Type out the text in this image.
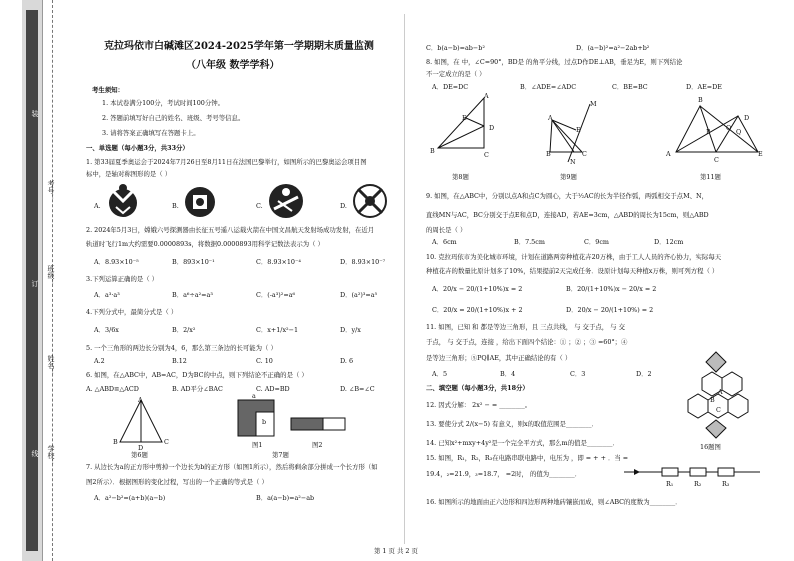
考号：
班级：
姓名：
学校：
装
订
线
克拉玛依市白碱滩区2024-2025学年第一学期期末质量监测
（八年级 数学学科）
考生须知：
1. 本试卷满分100分，考试时间100分钟。
2. 答题前填写好自己的姓名、班级、考号等信息。
3. 请将答案正确填写在答题卡上。
一、单选题（每小题3分，共33分）
1. 第33届夏季奥运会于2024年7月26日至8月11日在法国巴黎举行，如图所示的巴黎奥运会项目图
标中，是轴对称图形的是（ ）
A.	B.	C.	D.
2. 2024年5月3日，嫦娥六号探测器由长征五号遥八运载火箭在中国文昌航天发射场成功发射，在近月
轨道时飞行1m大约需要0.0000893s，将数据0.0000893用科学记数法表示为（ ）
A．8.93×10⁻⁵	B．893×10⁻¹	C．8.93×10⁻⁴	D．8.93×10⁻⁷
3.下列运算正确的是（ ）
A．a³·a³	B．a⁶÷a²=a³	C．(-a³)²=a⁶	D．(a²)³=a⁵
4.下列分式中，最简分式是（ ）
A．3/6x	B．2/x²	C．x+1/x²−1	D．y/x
5. 一个三角形的两边长分别为4，6，那么第三条边的长可能为（ ）
A.2	B.12	C. 10	D. 6
6. 如图，在△ABC中，AB=AC，D为BC的中点，则下列结论不正确的是（ ）
A. △ABD≌△ACD	B. AD平分∠BAC	C. AD=BD	D. ∠B=∠C
A
B
D
C
第6题
a
b
图1
第7题
图2
7. 从边长为a的正方形中剪掉一个边长为b的正方形（如图1所示），然后将剩余部分拼成一个长方形（如
图2所示）．根据图形的变化过程，写出的一个正确的等式是（ ）
A．a²−b²=(a+b)(a−b)	B．a(a−b)=a²−ab
C．b(a−b)=ab−b²	D．(a−b)²=a²−2ab+b²
8. 如图，在 中，∠C=90°，BD是 的角平分线，过点D作DE⊥AB，垂足为E，则下列结论
不一定成立的是（ ）
A．DE=DC	B．∠ADE=∠ADC	C．BE=BC	D．AE=DE
A
E
D
B	C
第8题
M
A
E
B	C
N
第9题
B
D
O
P	Q
A
C
E
第11题
9. 如图，在△ABC中，分别以点A和点C为圆心，大于½AC的长为半径作弧，两弧相交于点M、N，
直线MN与AC，BC分别交于点E和点D，连接AD，若AE=3cm，△ABD的周长为15cm，则△ABD
的周长是（ ）
A．6cm	B．7.5cm	C．9cm	D．12cm
10. 克拉玛依市为美化城市环境，计划在道路两旁种植花卉20万株，由于工人人员的齐心协力，实际每天
种植花卉的数量比原计划多了10%，结果提前2天完成任务．设原计划每天种植x万株，则可列方程（ ）
A．20/x − 20/(1+10%)x = 2	B．20/(1+10%)x − 20/x = 2
C．20/x = 20/(1+10%)x + 2	D．20/x − 20/(1+10%) = 2
11. 如图，已知 和 都是等边三角形，且 三点共线， 与 交于点， 与 交
于点， 与 交于点，连接 ，给出下面四个结论：① ；② ；③ =60°；④
是等边三角形；⑤PQ∥AE，其中正确结论的有（ ）
A．5	B．4	C．3	D．2
二、填空题（每小题3分，共18分）
12. 因式分解： 2x² − = ________。
13. 要使分式 2/(x−5) 有意义，则x的取值范围是________．
14. 已知x²+mxy+4y²是一个完全平方式，那么m的值是________．
15. 如图，R₁，R₂，R₃在电路串联电路中，电压为 ，即 = + + ．当 =
19.4，₂=21.9，₃=18.7， =2时， 的值为________．
16. 如图所示的地面由正六边形和四边形两种地砖镶嵌而成，则∠ABC的度数为________．
A
B
C
16题图
R₁	R₂	R₃
第 1 页 共 2 页
